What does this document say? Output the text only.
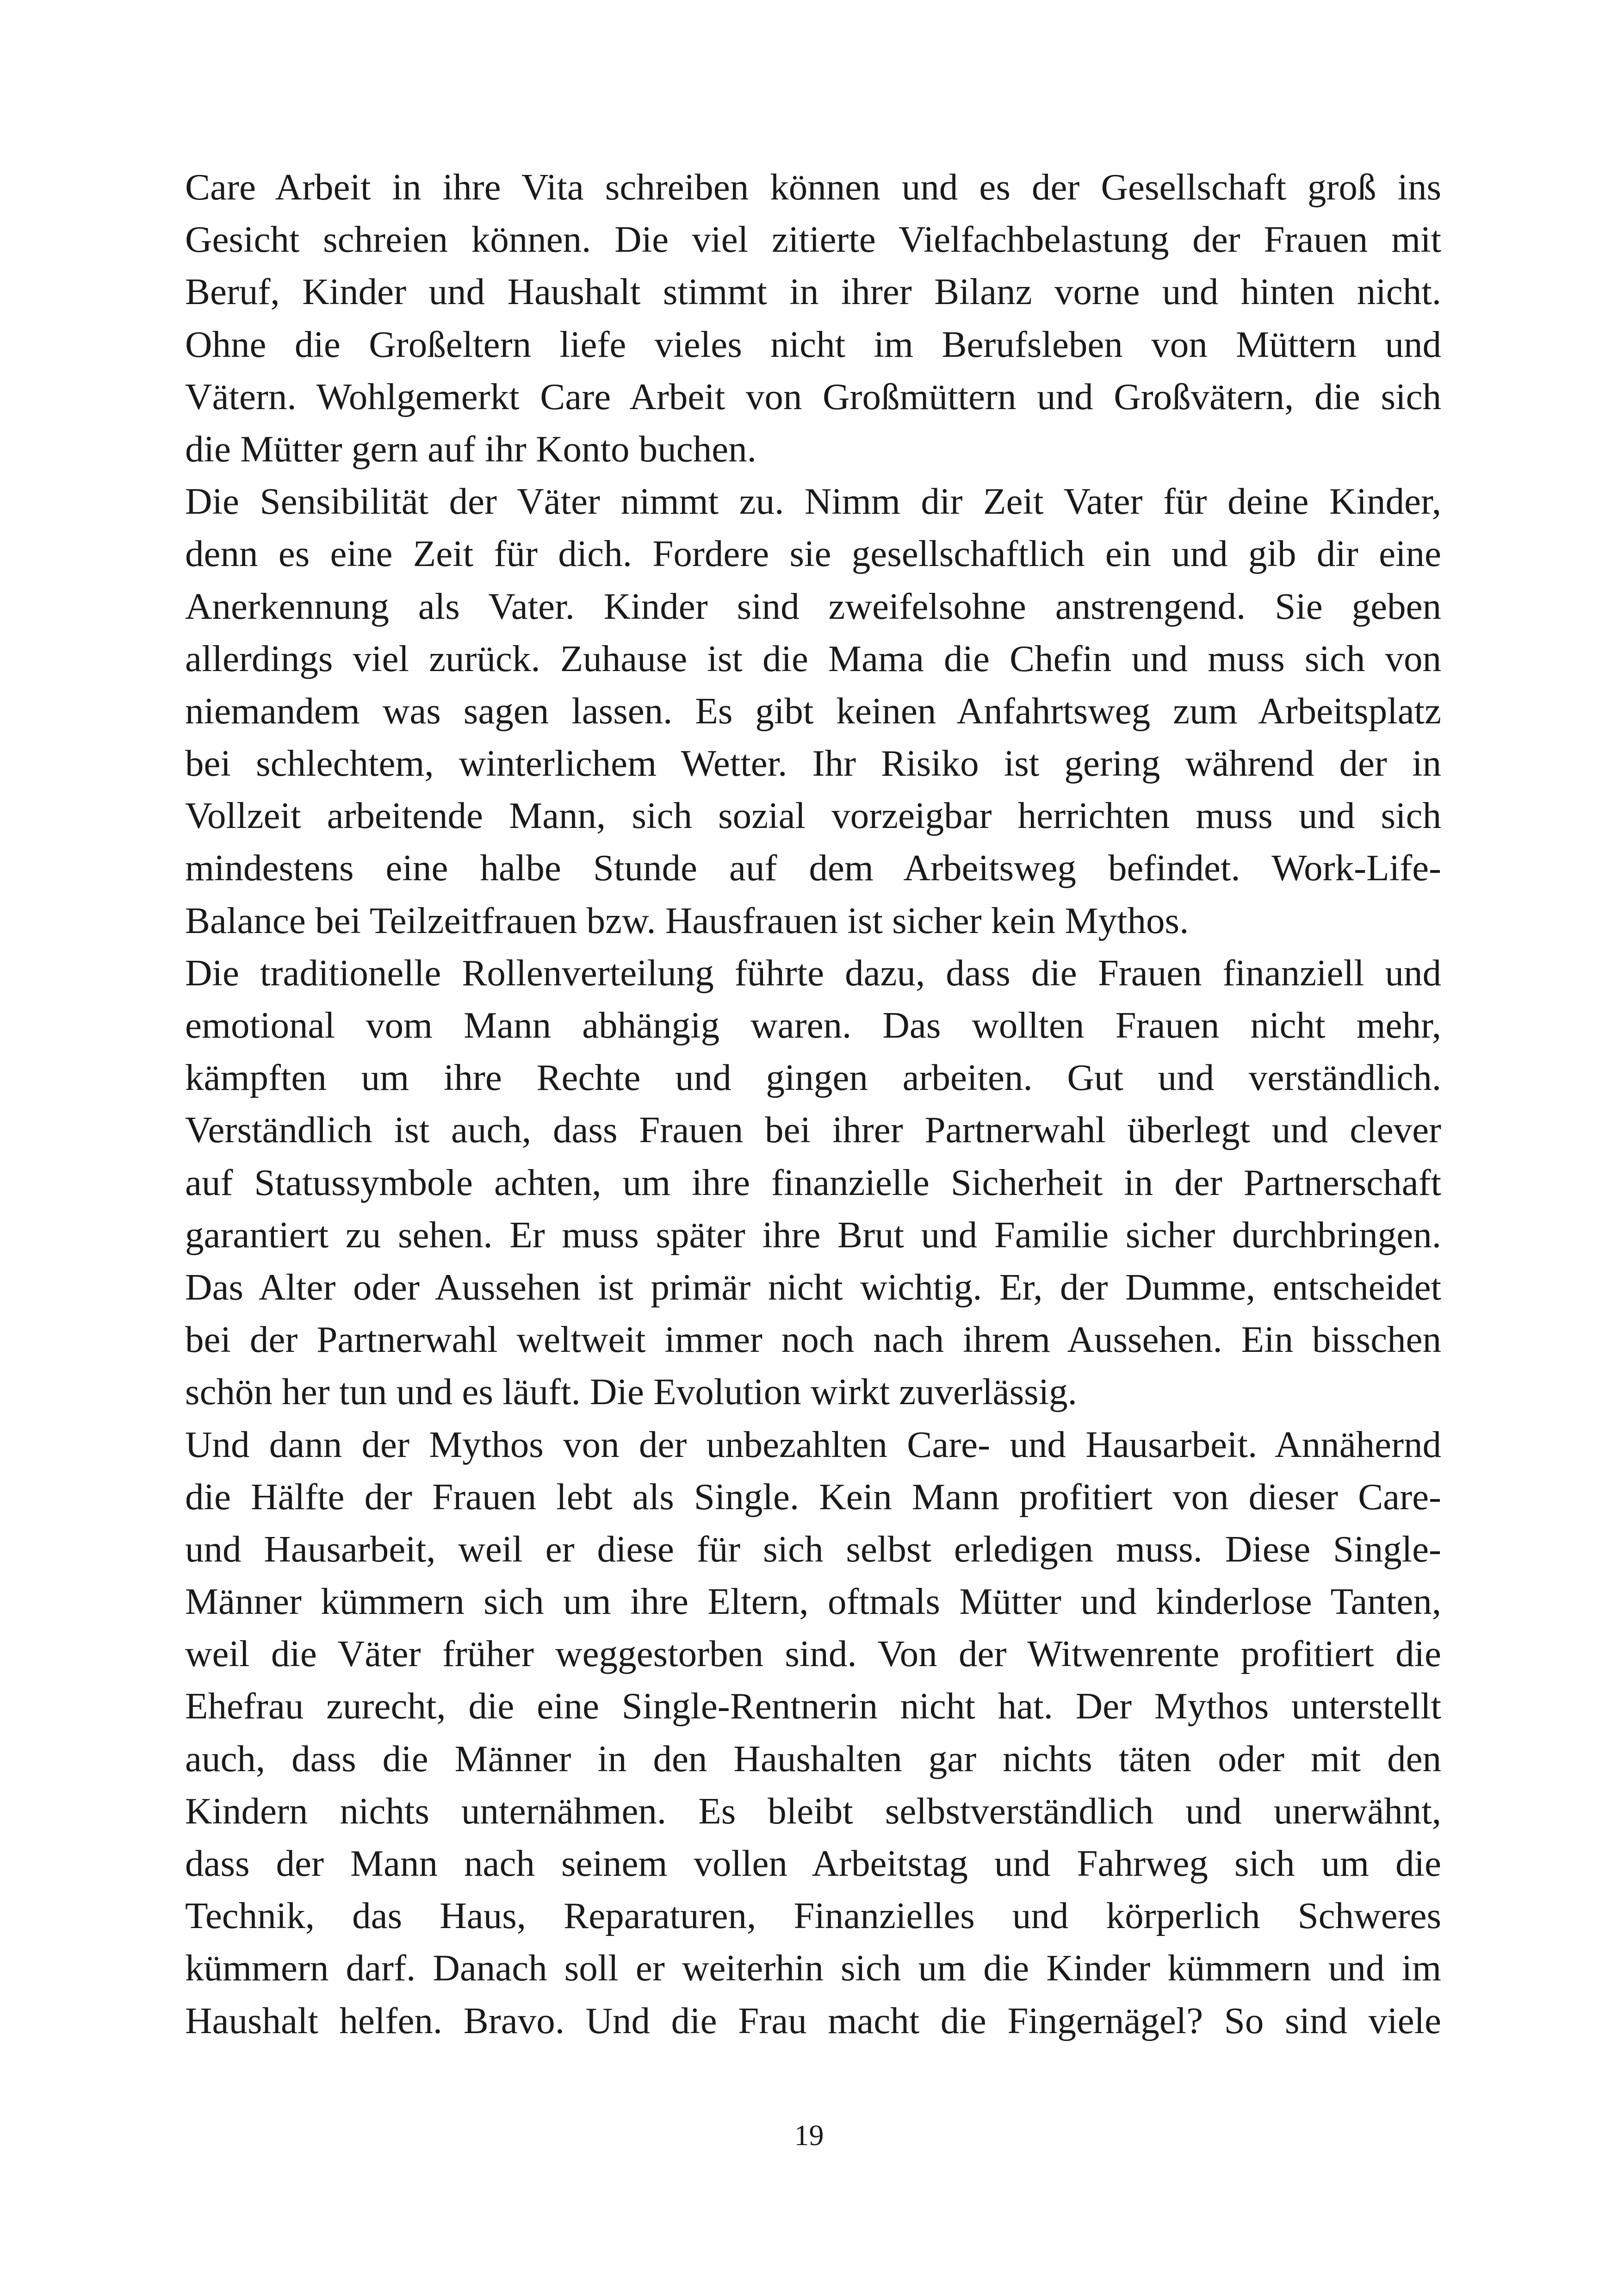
Care Arbeit in ihre Vita schreiben können und es der Gesellschaft groß ins
Gesicht schreien können. Die viel zitierte Vielfachbelastung der Frauen mit
Beruf, Kinder und Haushalt stimmt in ihrer Bilanz vorne und hinten nicht.
Ohne die Großeltern liefe vieles nicht im Berufsleben von Müttern und
Vätern. Wohlgemerkt Care Arbeit von Großmüttern und Großvätern, die sich
die Mütter gern auf ihr Konto buchen.
Die Sensibilität der Väter nimmt zu. Nimm dir Zeit Vater für deine Kinder,
denn es eine Zeit für dich. Fordere sie gesellschaftlich ein und gib dir eine
Anerkennung als Vater. Kinder sind zweifelsohne anstrengend. Sie geben
allerdings viel zurück. Zuhause ist die Mama die Chefin und muss sich von
niemandem was sagen lassen. Es gibt keinen Anfahrtsweg zum Arbeitsplatz
bei schlechtem, winterlichem Wetter. Ihr Risiko ist gering während der in
Vollzeit arbeitende Mann, sich sozial vorzeigbar herrichten muss und sich
mindestens eine halbe Stunde auf dem Arbeitsweg befindet. Work-Life-
Balance bei Teilzeitfrauen bzw. Hausfrauen ist sicher kein Mythos.
Die traditionelle Rollenverteilung führte dazu, dass die Frauen finanziell und
emotional vom Mann abhängig waren. Das wollten Frauen nicht mehr,
kämpften um ihre Rechte und gingen arbeiten. Gut und verständlich.
Verständlich ist auch, dass Frauen bei ihrer Partnerwahl überlegt und clever
auf Statussymbole achten, um ihre finanzielle Sicherheit in der Partnerschaft
garantiert zu sehen. Er muss später ihre Brut und Familie sicher durchbringen.
Das Alter oder Aussehen ist primär nicht wichtig. Er, der Dumme, entscheidet
bei der Partnerwahl weltweit immer noch nach ihrem Aussehen. Ein bisschen
schön her tun und es läuft. Die Evolution wirkt zuverlässig.
Und dann der Mythos von der unbezahlten Care- und Hausarbeit. Annähernd
die Hälfte der Frauen lebt als Single. Kein Mann profitiert von dieser Care-
und Hausarbeit, weil er diese für sich selbst erledigen muss. Diese Single-
Männer kümmern sich um ihre Eltern, oftmals Mütter und kinderlose Tanten,
weil die Väter früher weggestorben sind. Von der Witwenrente profitiert die
Ehefrau zurecht, die eine Single-Rentnerin nicht hat. Der Mythos unterstellt
auch, dass die Männer in den Haushalten gar nichts täten oder mit den
Kindern nichts unternähmen. Es bleibt selbstverständlich und unerwähnt,
dass der Mann nach seinem vollen Arbeitstag und Fahrweg sich um die
Technik, das Haus, Reparaturen, Finanzielles und körperlich Schweres
kümmern darf. Danach soll er weiterhin sich um die Kinder kümmern und im
Haushalt helfen. Bravo. Und die Frau macht die Fingernägel? So sind viele
19
